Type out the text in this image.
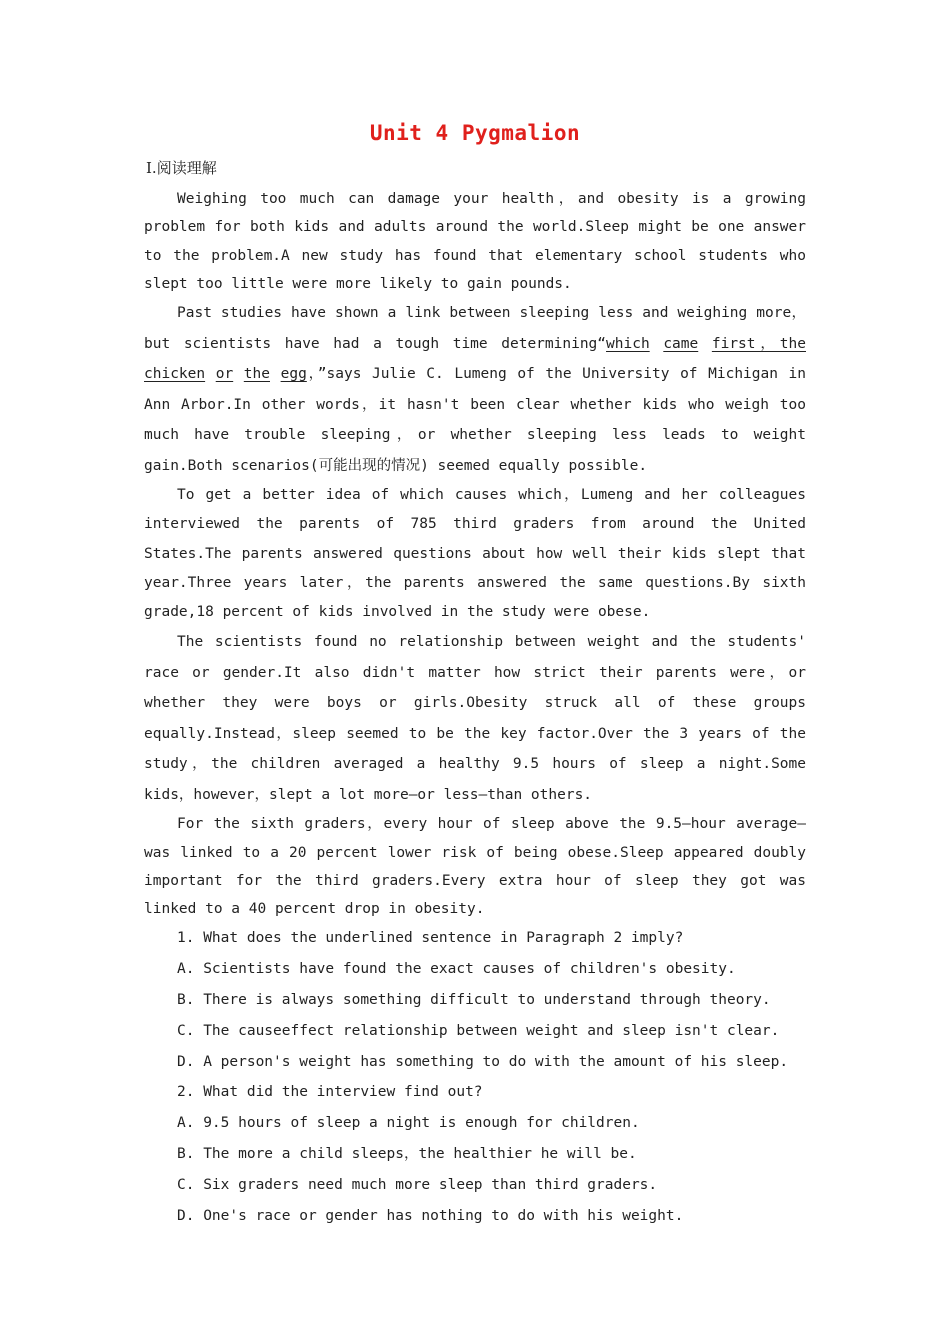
Unit 4 Pygmalion
Ⅰ.阅读理解

Weighing too much can damage your health，and obesity is a growing problem for both kids and adults around the world.Sleep might be one answer to the problem.A new study has found that elementary school students who slept too little were more likely to gain pounds.

Past studies have shown a link between sleeping less and weighing more，but scientists have had a tough time determining“which came first，the chicken or the egg，”says Julie C. Lumeng of the University of Michigan in Ann Arbor.In other words，it hasn't been clear whether kids who weigh too much have trouble sleeping，or whether sleeping less leads to weight gain.Both scenarios(可能出现的情况) seemed equally possible.

To get a better idea of which causes which，Lumeng and her colleagues interviewed the parents of 785 third graders from around the United States.The parents answered questions about how well their kids slept that year.Three years later，the parents answered the same questions.By sixth grade,18 percent of kids involved in the study were obese.

The scientists found no relationship between weight and the students' race or gender.It also didn't matter how strict their parents were，or whether they were boys or girls.Obesity struck all of these groups equally.Instead，sleep seemed to be the key factor.Over the 3 years of the study，the children averaged a healthy 9.5 hours of sleep a night.Some kids，however，slept a lot more—or less—than others.

For the sixth graders，every hour of sleep above the 9.5—hour average—was linked to a 20 percent lower risk of being obese.Sleep appeared doubly important for the third graders.Every extra hour of sleep they got was linked to a 40 percent drop in obesity.

1. What does the underlined sentence in Paragraph 2 imply?

A. Scientists have found the exact causes of children's obesity.

B. There is always something difficult to understand through theory.

C. The causeeffect relationship between weight and sleep isn't clear.

D. A person's weight has something to do with the amount of his sleep.

2. What did the interview find out?

A. 9.5 hours of sleep a night is enough for children.

B. The more a child sleeps，the healthier he will be.

C. Six graders need much more sleep than third graders.

D. One's race or gender has nothing to do with his weight.
